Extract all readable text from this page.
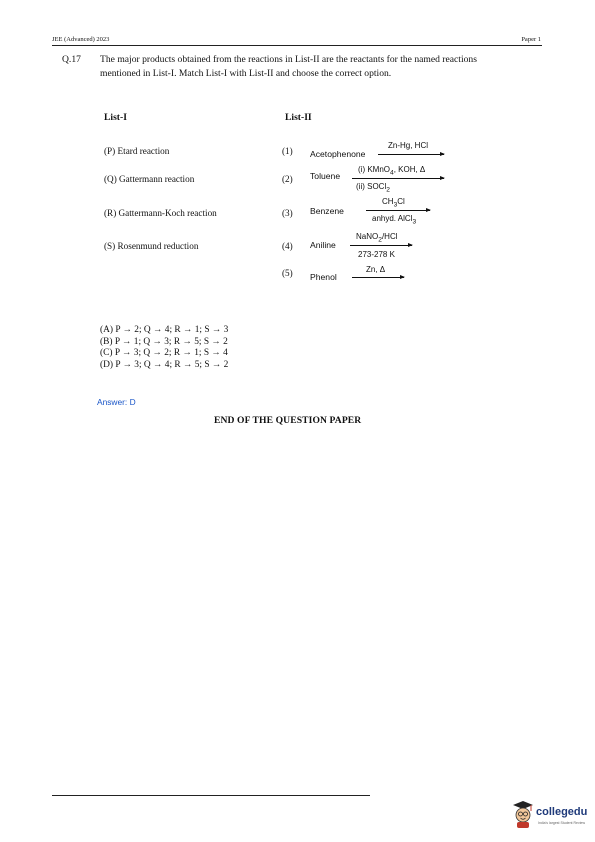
JEE (Advanced) 2023	Paper 1
Q.17 The major products obtained from the reactions in List-II are the reactants for the named reactions
mentioned in List-I. Match List-I with List-II and choose the correct option.
List-I	List-II
(P) Etard reaction
(Q) Gattermann reaction
(R) Gattermann-Koch reaction
(S) Rosenmund reduction
(1) Acetophenone
Zn-Hg, HCl
(2) Toluene
(i) KMnO$_4$, KOH, Δ
(ii) SOCl$_2$
(3) Benzene
$CH_3Cl$
anhyd. AlCl$_3$
(4) Aniline
NaNO$_2$/HCl
273-278 K
(5) Phenol
Zn, Δ
(A) P → 2; Q → 4; R → 1; S → 3
(B) P → 1; Q → 3; R → 5; S → 2
(C) P → 3; Q → 2; R → 1; S → 4
(D) P → 3; Q → 4; R → 5; S → 2
Answer: D
END OF THE QUESTION PAPER
collegedu
India's largest Student Review
